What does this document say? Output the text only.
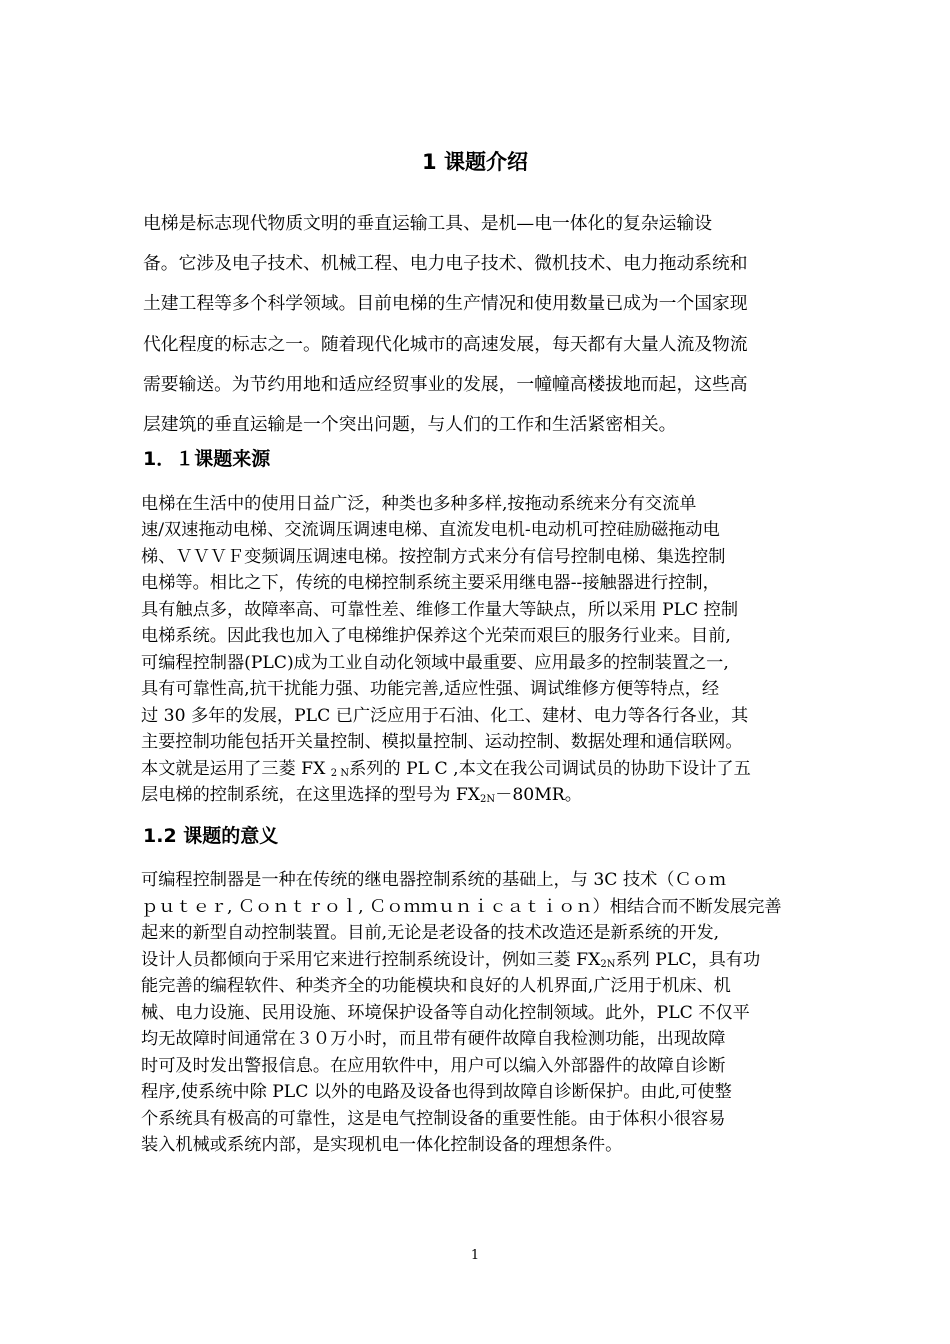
1 课题介绍
电梯是标志现代物质文明的垂直运输工具、是机—电一体化的复杂运输设
备。它涉及电子技术、机械工程、电力电子技术、微机技术、电力拖动系统和
土建工程等多个科学领域。目前电梯的生产情况和使用数量已成为一个国家现
代化程度的标志之一。随着现代化城市的高速发展，每天都有大量人流及物流
需要输送。为节约用地和适应经贸事业的发展，一幢幢高楼拔地而起，这些高
层建筑的垂直运输是一个突出问题，与人们的工作和生活紧密相关。
1．１课题来源
电梯在生活中的使用日益广泛，种类也多种多样,按拖动系统来分有交流单
速/双速拖动电梯、交流调压调速电梯、直流发电机-电动机可控硅励磁拖动电
梯、ＶＶＶＦ变频调压调速电梯。按控制方式来分有信号控制电梯、集选控制
电梯等。相比之下，传统的电梯控制系统主要采用继电器--接触器进行控制，
具有触点多，故障率高、可靠性差、维修工作量大等缺点，所以采用 PLC 控制
电梯系统。因此我也加入了电梯维护保养这个光荣而艰巨的服务行业来。目前,
可编程控制器(PLC)成为工业自动化领域中最重要、应用最多的控制装置之一,
具有可靠性高,抗干扰能力强、功能完善,适应性强、调试维修方便等特点，经
过 30 多年的发展，PLC 已广泛应用于石油、化工、建材、电力等各行各业，其
主要控制功能包括开关量控制、模拟量控制、运动控制、数据处理和通信联网。
本文就是运用了三菱 FX 2 N系列的 PL C ,本文在我公司调试员的协助下设计了五
层电梯的控制系统，在这里选择的型号为 FX2N－80MR。
1.2 课题的意义
可编程控制器是一种在传统的继电器控制系统的基础上，与 3C 技术（Ｃｏｍ
ｐｕｔｅｒ, Ｃｏｎｔｒｏｌ, Ｃｏｍｍｕｎｉｃａｔｉｏｎ）相结合而不断发展完善
起来的新型自动控制装置。目前,无论是老设备的技术改造还是新系统的开发,
设计人员都倾向于采用它来进行控制系统设计，例如三菱 FX2N系列 PLC，具有功
能完善的编程软件、种类齐全的功能模块和良好的人机界面,广泛用于机床、机
械、电力设施、民用设施、环境保护设备等自动化控制领域。此外，PLC 不仅平
均无故障时间通常在３０万小时，而且带有硬件故障自我检测功能，出现故障
时可及时发出警报信息。在应用软件中，用户可以编入外部器件的故障自诊断
程序,使系统中除 PLC 以外的电路及设备也得到故障自诊断保护。由此,可使整
个系统具有极高的可靠性，这是电气控制设备的重要性能。由于体积小很容易
装入机械或系统内部，是实现机电一体化控制设备的理想条件。
1
